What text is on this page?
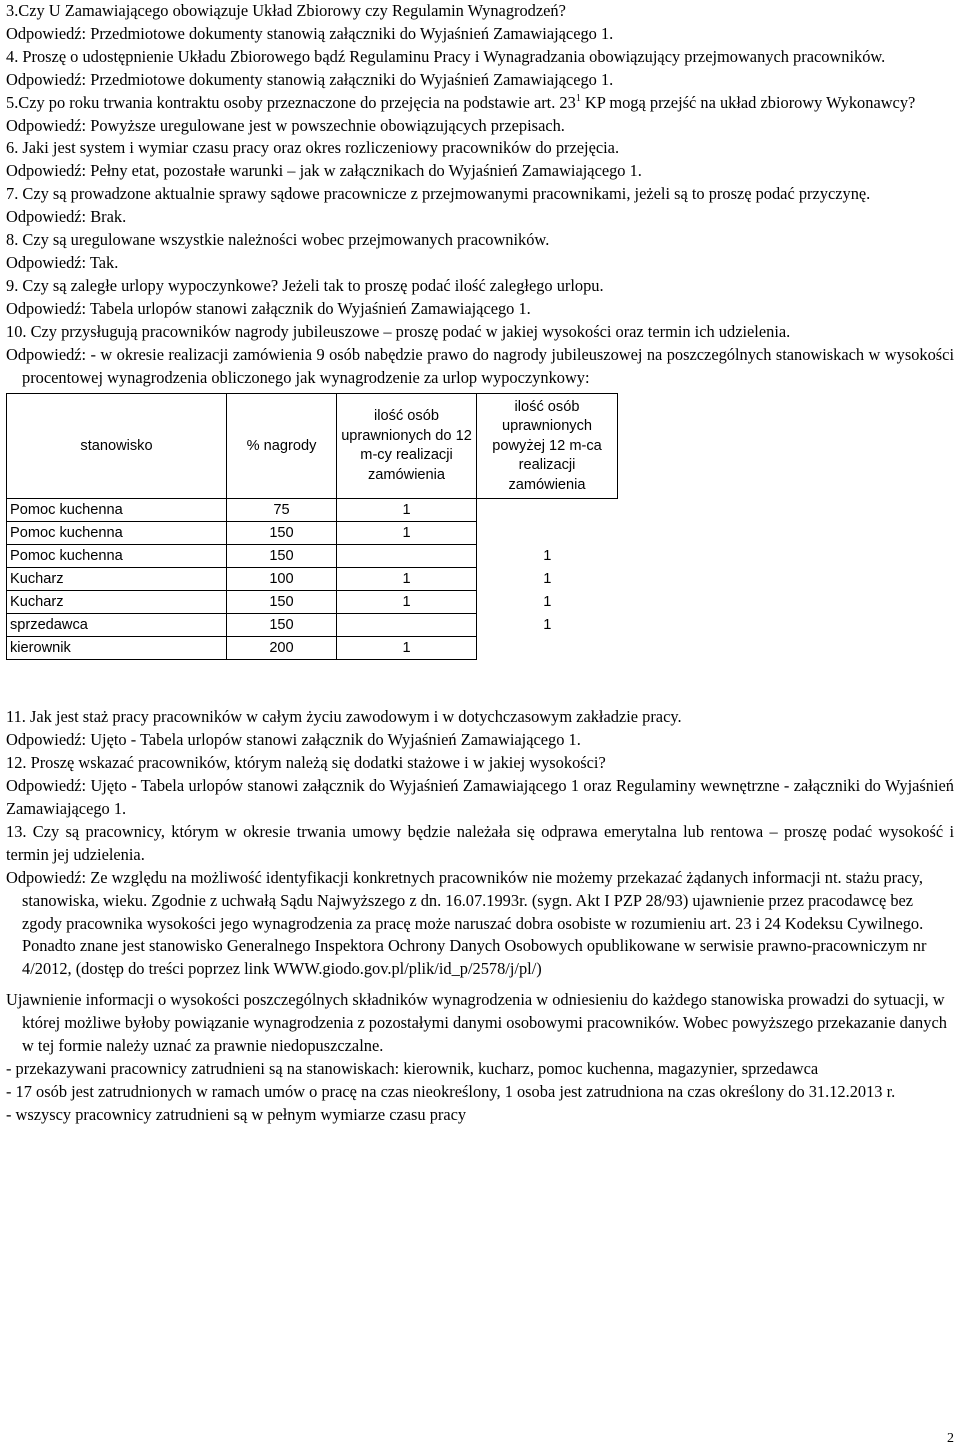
3.Czy U Zamawiającego obowiązuje Układ Zbiorowy czy Regulamin Wynagrodzeń?

Odpowiedź: Przedmiotowe dokumenty stanowią załączniki do Wyjaśnień Zamawiającego 1.

4. Proszę o udostępnienie Układu Zbiorowego bądź Regulaminu Pracy i Wynagradzania obowiązujący przejmowanych pracowników.

Odpowiedź: Przedmiotowe dokumenty stanowią załączniki do Wyjaśnień Zamawiającego 1.

5.Czy po roku trwania kontraktu osoby przeznaczone do przejęcia na podstawie art. $23^1$ KP mogą przejść na układ zbiorowy Wykonawcy?

Odpowiedź: Powyższe uregulowane jest w powszechnie obowiązujących przepisach.

6. Jaki jest system i wymiar czasu pracy oraz okres rozliczeniowy pracowników do przejęcia.

Odpowiedź: Pełny etat, pozostałe warunki – jak w załącznikach do Wyjaśnień Zamawiającego 1.

7. Czy są prowadzone aktualnie sprawy sądowe pracownicze z przejmowanymi pracownikami, jeżeli są to proszę podać przyczynę.

Odpowiedź: Brak.

8. Czy są uregulowane wszystkie należności wobec przejmowanych pracowników.

Odpowiedź: Tak.

9. Czy są zaległe urlopy wypoczynkowe? Jeżeli tak to proszę podać ilość zaległego urlopu.

Odpowiedź: Tabela urlopów stanowi załącznik do Wyjaśnień Zamawiającego 1.

10. Czy przysługują pracowników nagrody jubileuszowe – proszę podać w jakiej wysokości oraz termin ich udzielenia.

Odpowiedź: - w okresie realizacji zamówienia 9 osób nabędzie prawo do nagrody jubileuszowej na poszczególnych stanowiskach w wysokości procentowej wynagrodzenia obliczonego jak wynagrodzenie za urlop wypoczynkowy:

stanowisko	% nagrody	ilość osób uprawnionych do 12 m-cy realizacji zamówienia	ilość osób uprawnionych powyżej 12 m-ca realizacji zamówienia
Pomoc kuchenna	75	1	
Pomoc kuchenna	150	1	
Pomoc kuchenna	150		1
Kucharz	100	1	1
Kucharz	150	1	1
sprzedawca	150		1
kierownik	200	1	

11. Jak jest staż pracy pracowników w całym życiu zawodowym i w dotychczasowym zakładzie pracy.

Odpowiedź: Ujęto - Tabela urlopów stanowi załącznik do Wyjaśnień Zamawiającego 1.

12. Proszę wskazać pracowników, którym należą się dodatki stażowe i w jakiej wysokości?

Odpowiedź: Ujęto - Tabela urlopów stanowi załącznik do Wyjaśnień Zamawiającego 1 oraz Regulaminy wewnętrzne - załączniki do Wyjaśnień Zamawiającego 1.

13. Czy są pracownicy, którym w okresie trwania umowy będzie należała się odprawa emerytalna lub rentowa – proszę podać wysokość i termin jej udzielenia.

Odpowiedź: Ze względu na możliwość identyfikacji konkretnych pracowników nie możemy przekazać żądanych informacji nt. stażu pracy, stanowiska, wieku. Zgodnie z uchwałą Sądu Najwyższego z dn. 16.07.1993r. (sygn. Akt I PZP 28/93) ujawnienie przez pracodawcę bez zgody pracownika wysokości jego wynagrodzenia za pracę może naruszać dobra osobiste w rozumieniu art. 23 i 24 Kodeksu Cywilnego. Ponadto znane jest stanowisko Generalnego Inspektora Ochrony Danych Osobowych opublikowane w serwisie prawno-pracowniczym nr 4/2012, (dostęp do treści poprzez link WWW.giodo.gov.pl/plik/id_p/2578/j/pl/)

Ujawnienie informacji o wysokości poszczególnych składników wynagrodzenia w odniesieniu do każdego stanowiska prowadzi do sytuacji, w której możliwe byłoby powiązanie wynagrodzenia z pozostałymi danymi osobowymi pracowników. Wobec powyższego przekazanie danych w tej formie należy uznać za prawnie niedopuszczalne.

- przekazywani pracownicy zatrudnieni są na stanowiskach: kierownik, kucharz, pomoc kuchenna, magazynier, sprzedawca

- 17 osób jest zatrudnionych w ramach umów o pracę na czas nieokreślony, 1 osoba jest zatrudniona na czas określony do 31.12.2013 r.

- wszyscy pracownicy zatrudnieni są w pełnym wymiarze czasu pracy

2
